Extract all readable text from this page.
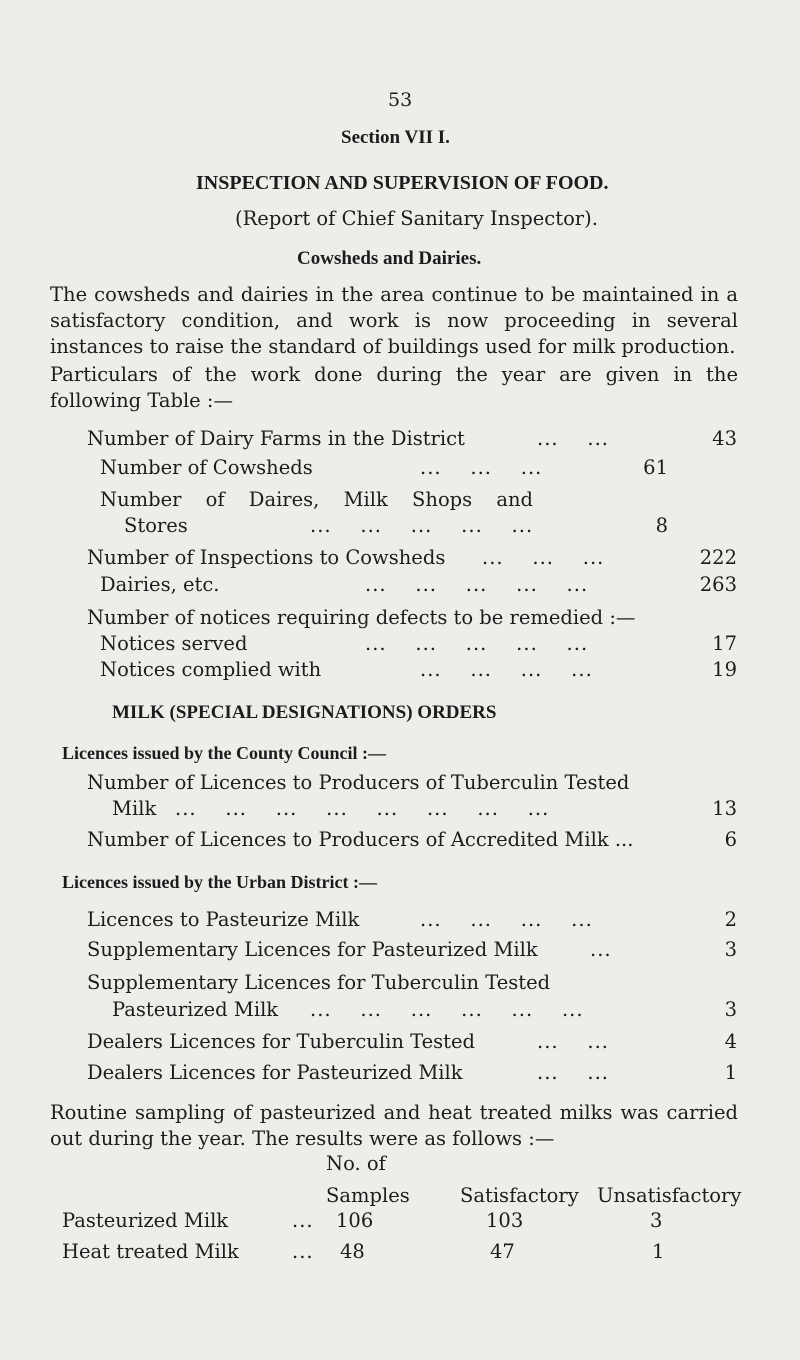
53
Section VII I.
INSPECTION AND SUPERVISION OF FOOD.
(Report of Chief Sanitary Inspector).
Cowsheds and Dairies.
The cowsheds and dairies in the area continue to be maintained in a satisfactory condition, and work is now proceeding in several instances to raise the standard of buildings used for milk production.
Particulars of the work done during the year are given in the following Table :—
Number of Dairy Farms in the District	...    ...	43
Number of Cowsheds	...    ...    ...	61
Number of Daires, Milk Shops and
Stores	...    ...    ...    ...    ...	8
Number of Inspections to Cowsheds ...    ...    ...	222
Dairies, etc.	...    ...    ...    ...    ...	263
Number of notices requiring defects to be remedied :—
Notices served	...    ...    ...    ...    ...	17
Notices complied with	...    ...    ...    ...	19
MILK (SPECIAL DESIGNATIONS) ORDERS
Licences issued by the County Council :—
Number of Licences to Producers of Tuberculin Tested
Milk ...    ...    ...    ...    ...    ...    ...    ...	13
Number of Licences to Producers of Accredited Milk ...	6
Licences issued by the Urban District :—
Licences to Pasteurize Milk	...    ...    ...    ...	2
Supplementary Licences for Pasteurized Milk	...	3
Supplementary Licences for Tuberculin Tested
Pasteurized Milk ...    ...    ...    ...    ...    ...	3
Dealers Licences for Tuberculin Tested	...    ...	4
Dealers Licences for Pasteurized Milk	...    ...	1
Routine sampling of pasteurized and heat treated milks was carried out during the year. The results were as follows :—
No. of
Samples	Satisfactory Unsatisfactory
Pasteurized Milk	... 106	103	3
Heat treated Milk	... 48	47	1
